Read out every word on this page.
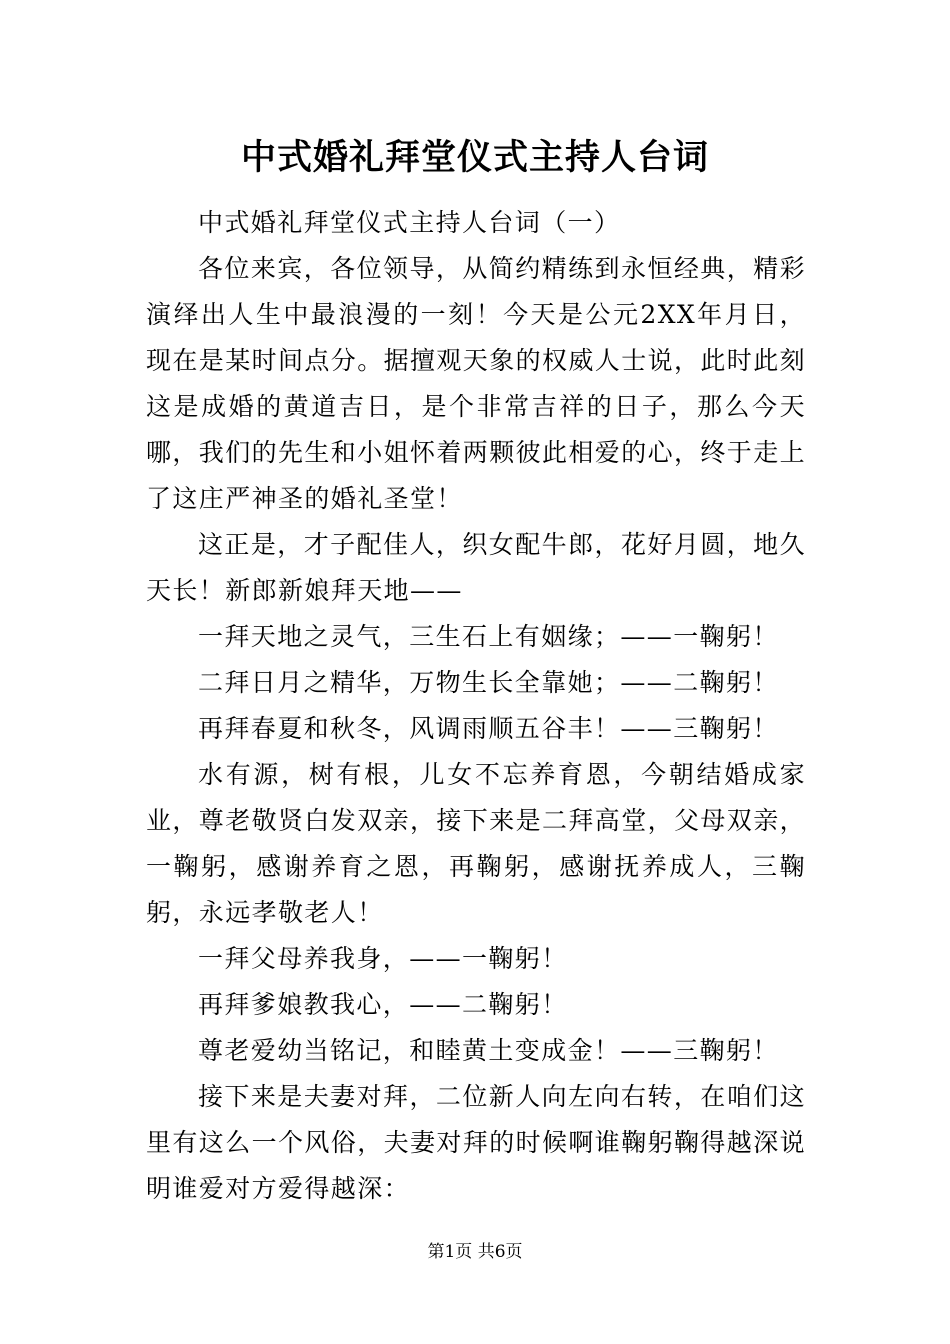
中式婚礼拜堂仪式主持人台词

中式婚礼拜堂仪式主持人台词（一）

各位来宾，各位领导，从简约精练到永恒经典，精彩演绎出人生中最浪漫的一刻！今天是公元2XX年月日，现在是某时间点分。据擅观天象的权威人士说，此时此刻这是成婚的黄道吉日，是个非常吉祥的日子，那么今天哪，我们的先生和小姐怀着两颗彼此相爱的心，终于走上了这庄严神圣的婚礼圣堂！

这正是，才子配佳人，织女配牛郎，花好月圆，地久天长！新郎新娘拜天地——

一拜天地之灵气，三生石上有姻缘；——一鞠躬！

二拜日月之精华，万物生长全靠她；——二鞠躬！

再拜春夏和秋冬，风调雨顺五谷丰！——三鞠躬！

水有源，树有根，儿女不忘养育恩，今朝结婚成家业，尊老敬贤白发双亲，接下来是二拜高堂，父母双亲，一鞠躬，感谢养育之恩，再鞠躬，感谢抚养成人，三鞠躬，永远孝敬老人！

一拜父母养我身，——一鞠躬！

再拜爹娘教我心，——二鞠躬！

尊老爱幼当铭记，和睦黄土变成金！——三鞠躬！

接下来是夫妻对拜，二位新人向左向右转，在咱们这里有这么一个风俗，夫妻对拜的时候啊谁鞠躬鞠得越深说明谁爱对方爱得越深：

第1页 共6页
